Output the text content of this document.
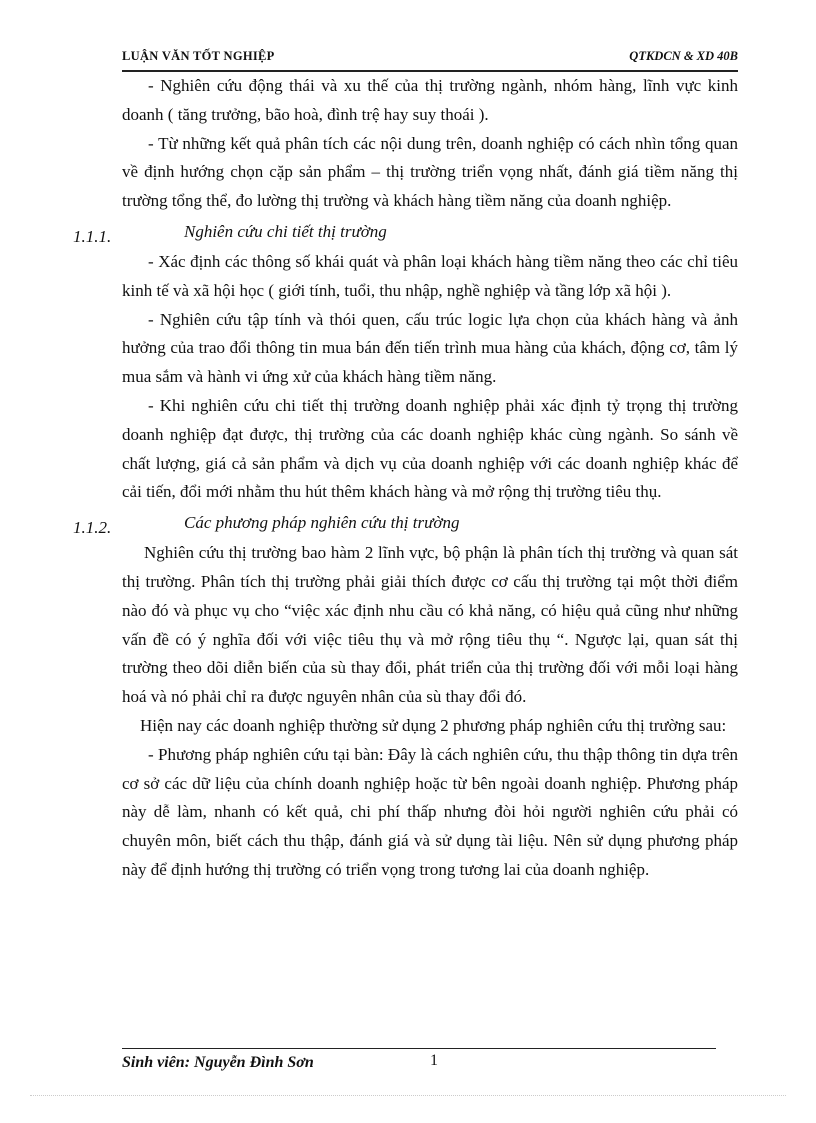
LUẬN VĂN TỐT NGHIỆP	QTKDCN & XD 40B

- Nghiên cứu động thái và xu thế của thị trường ngành, nhóm hàng, lĩnh vực kinh doanh ( tăng trưởng, bão hoà, đình trệ hay suy thoái ).

- Từ những kết quả phân tích các nội dung trên, doanh nghiệp có cách nhìn tổng quan về định hướng chọn cặp sản phẩm – thị trường triển vọng nhất, đánh giá tiềm năng thị trường tổng thể, đo lường thị trường và khách hàng tiềm năng của doanh nghiệp.

1.1.1.	Nghiên cứu chi tiết thị trường

- Xác định các thông số khái quát và phân loại khách hàng tiềm năng theo các chỉ tiêu kinh tế và xã hội học ( giới tính, tuổi, thu nhập, nghề nghiệp và tầng lớp xã hội ).

- Nghiên cứu tập tính và thói quen, cấu trúc logic lựa chọn của khách hàng và ảnh hưởng của trao đổi thông tin mua bán đến tiến trình mua hàng của khách, động cơ, tâm lý mua sắm và hành vi ứng xử của khách hàng tiềm năng.

- Khi nghiên cứu chi tiết thị trường doanh nghiệp phải xác định tỷ trọng thị trường doanh nghiệp đạt được, thị trường của các doanh nghiệp khác cùng ngành. So sánh về chất lượng, giá cả sản phẩm và dịch vụ của doanh nghiệp với các doanh nghiệp khác để cải tiến, đổi mới nhằm thu hút thêm khách hàng và mở rộng thị trường tiêu thụ.

1.1.2.	Các phương pháp nghiên cứu thị trường

Nghiên cứu thị trường bao hàm 2 lĩnh vực, bộ phận là phân tích thị trường và quan sát thị trường. Phân tích thị trường phải giải thích được cơ cấu thị trường tại một thời điểm nào đó và phục vụ cho “việc xác định nhu cầu có khả năng, có hiệu quả cũng như những vấn đề có ý nghĩa đối với việc tiêu thụ và mở rộng tiêu thụ “. Ngược lại, quan sát thị trường theo dõi diễn biến của sù thay đổi, phát triển của thị trường đối với mỗi loại hàng hoá và nó phải chỉ ra được nguyên nhân của sù thay đổi đó.

Hiện nay các doanh nghiệp thường sử dụng 2 phương pháp nghiên cứu thị trường sau:

- Phương pháp nghiên cứu tại bàn: Đây là cách nghiên cứu, thu thập thông tin dựa trên cơ sở các dữ liệu của chính doanh nghiệp hoặc từ bên ngoài doanh nghiệp. Phương pháp này dễ làm, nhanh có kết quả, chi phí thấp nhưng đòi hỏi người nghiên cứu phải có chuyên môn, biết cách thu thập, đánh giá và sử dụng tài liệu. Nên sử dụng phương pháp này để định hướng thị trường có triển vọng trong tương lai của doanh nghiệp.

Sinh viên: Nguyễn Đình Sơn	1
